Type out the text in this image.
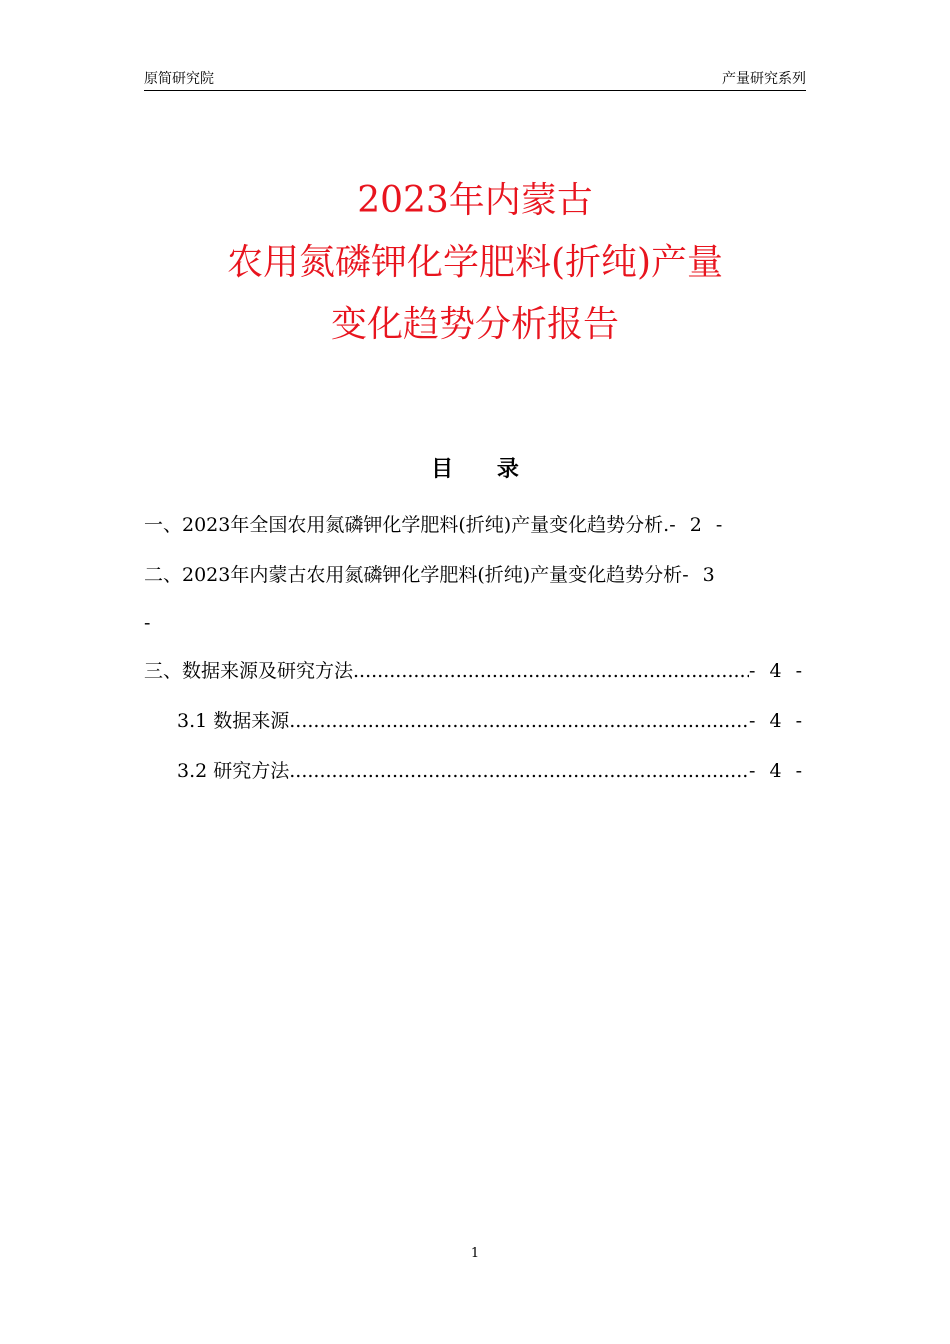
原简研究院	产量研究系列
2023年内蒙古
农用氮磷钾化学肥料(折纯)产量
变化趋势分析报告
目 录
一、2023年全国农用氮磷钾化学肥料(折纯)产量变化趋势分析. - 2 -
二、2023年内蒙古农用氮磷钾化学肥料(折纯)产量变化趋势分析 - 3
-
三、数据来源及研究方法 .....	- 4 -
3.1 数据来源 .....	- 4 -
3.2 研究方法 .....	- 4 -
1
